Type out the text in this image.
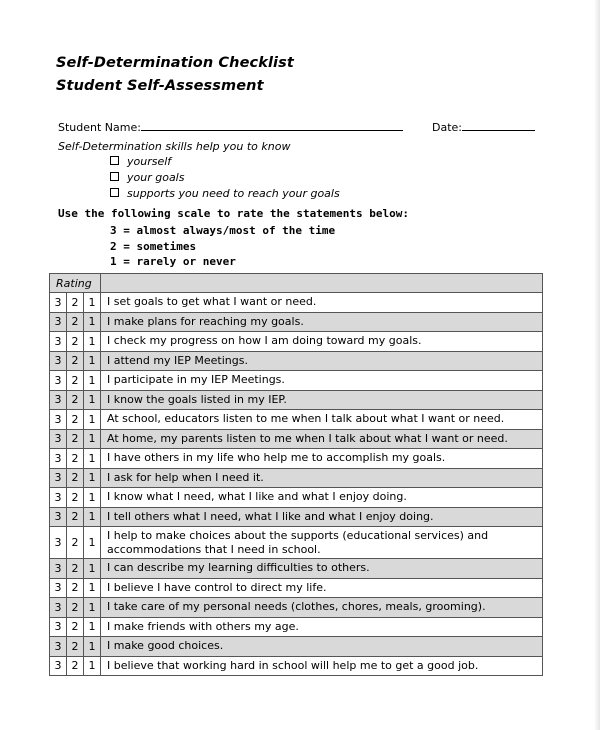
Self-Determination Checklist
Student Self-Assessment
Student Name:	Date:
Self-Determination skills help you to know
yourself
your goals
supports you need to reach your goals
Use the following scale to rate the statements below:
3 = almost always/most of the time
2 = sometimes
1 = rarely or never
Rating			
3	2	1	I set goals to get what I want or need.
3	2	1	I make plans for reaching my goals.
3	2	1	I check my progress on how I am doing toward my goals.
3	2	1	I attend my IEP Meetings.
3	2	1	I participate in my IEP Meetings.
3	2	1	I know the goals listed in my IEP.
3	2	1	At school, educators listen to me when I talk about what I want or need.
3	2	1	At home, my parents listen to me when I talk about what I want or need.
3	2	1	I have others in my life who help me to accomplish my goals.
3	2	1	I ask for help when I need it.
3	2	1	I know what I need, what I like and what I enjoy doing.
3	2	1	I tell others what I need, what I like and what I enjoy doing.
3	2	1	I help to make choices about the supports (educational services) and accommodations that I need in school.
3	2	1	I can describe my learning difficulties to others.
3	2	1	I believe I have control to direct my life.
3	2	1	I take care of my personal needs (clothes, chores, meals, grooming).
3	2	1	I make friends with others my age.
3	2	1	I make good choices.
3	2	1	I believe that working hard in school will help me to get a good job.
